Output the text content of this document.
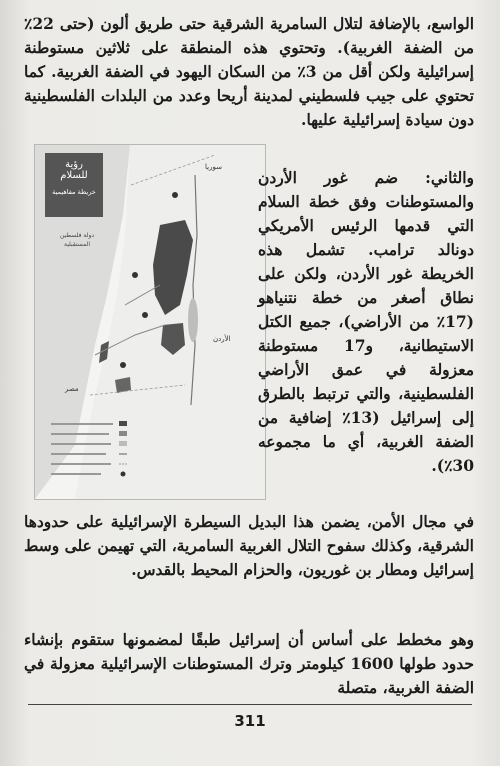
الواسع، بالإضافة لتلال السامرية الشرقية حتى طريق ألون (حتى 22٪ من الضفة الغربية). وتحتوي هذه المنطقة على ثلاثين مستوطنة إسرائيلية ولكن أقل من 3٪ من السكان اليهود في الضفة الغربية. كما تحتوي على جيب فلسطيني لمدينة أريحا وعدد من البلدات الفلسطينية دون سيادة إسرائيلية عليها.

رؤية
للسلام
خريطة مفاهيمية
دولة فلسطين
المستقبلية
سوريا
الأردن
مصر

والثاني: ضم غور الأردن والمستوطنات وفق خطة السلام التي قدمها الرئيس الأمريكي دونالد ترامب. تشمل هذه الخريطة غور الأردن، ولكن على نطاق أصغر من خطة نتنياهو (17٪ من الأراضي)، جميع الكتل الاستيطانية، و17 مستوطنة معزولة في عمق الأراضي الفلسطينية، والتي ترتبط بالطرق إلى إسرائيل (13٪ إضافية من الضفة الغربية، أي ما مجموعه 30٪).

في مجال الأمن، يضمن هذا البديل السيطرة الإسرائيلية على حدودها الشرقية، وكذلك سفوح التلال الغربية السامرية، التي تهيمن على وسط إسرائيل ومطار بن غوريون، والحزام المحيط بالقدس.

وهو مخطط على أساس أن إسرائيل طبقًا لمضمونها ستقوم بإنشاء حدود طولها 1600 كيلومتر وترك المستوطنات الإسرائيلية معزولة في الضفة الغربية، متصلة

311
